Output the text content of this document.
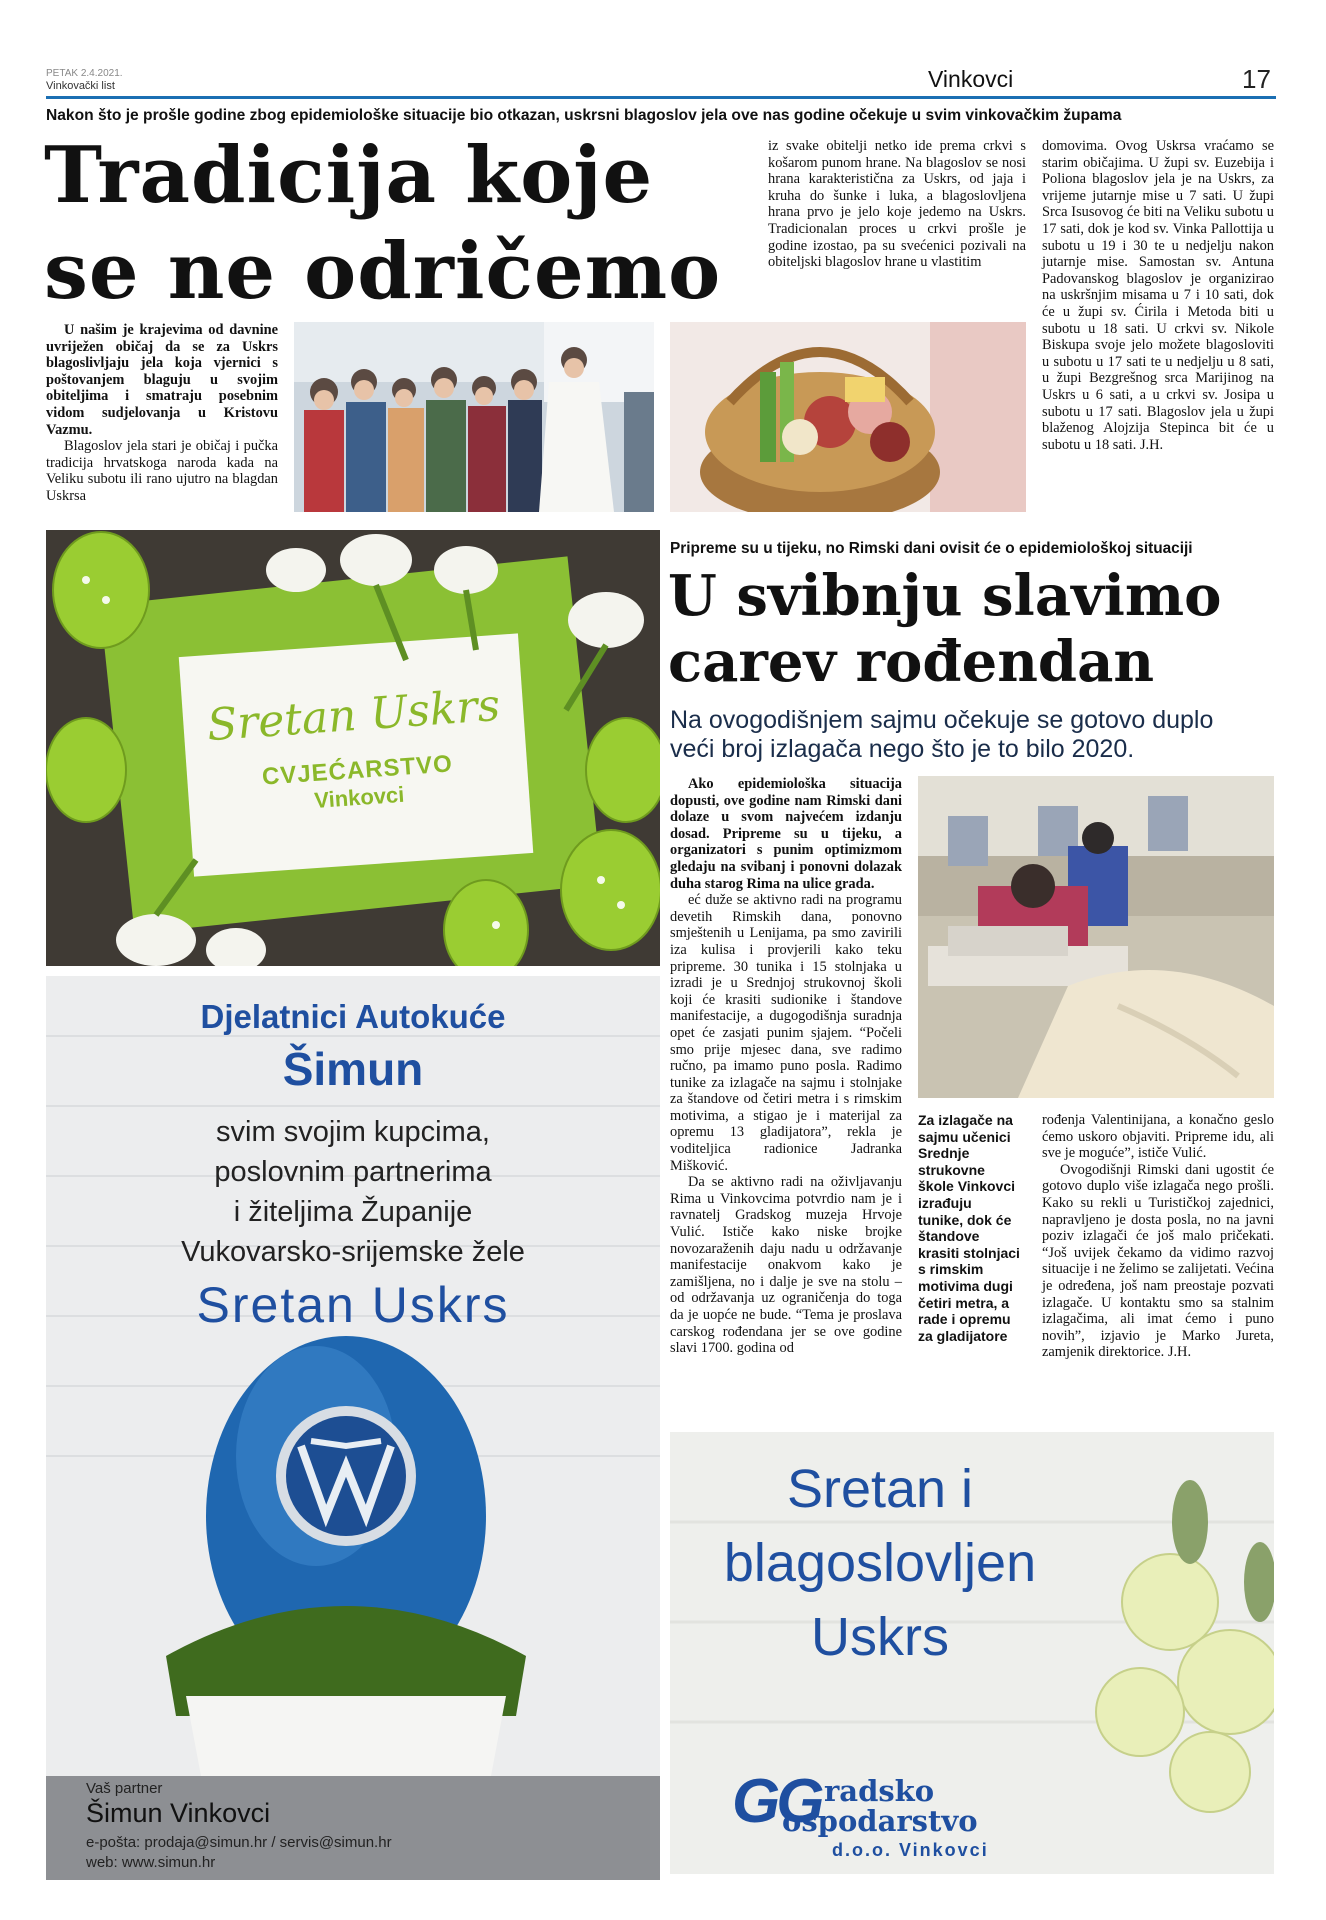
PETAK 2.4.2021.
Vinkovački list	Vinkovci	17
Nakon što je prošle godine zbog epidemiološke situacije bio otkazan, uskrsni blagoslov jela ove nas godine očekuje u svim vinkovačkim župama
Tradicija koje
se ne odričemo

U našim je krajevima od davnine uvriježen običaj da se za Uskrs blagoslivljaju jela koja vjernici s poštovanjem blaguju u svojim obiteljima i smatraju posebnim vidom sudjelovanja u Kristovu Vazmu.

Blagoslov jela stari je običaj i pučka tradicija hrvatskoga naroda kada na Veliku subotu ili rano ujutro na blagdan Uskrsa

iz svake obitelji netko ide prema crkvi s košarom punom hrane. Na blagoslov se nosi hrana karakteristična za Uskrs, od jaja i kruha do šunke i luka, a blagoslovljena hrana prvo je jelo koje jedemo na Uskrs. Tradicionalan proces u crkvi prošle je godine izostao, pa su svećenici pozivali na obiteljski blagoslov hrane u vlastitim

domovima. Ovog Uskrsa vraćamo se starim običajima. U župi sv. Euzebija i Poliona blagoslov jela je na Uskrs, za vrijeme jutarnje mise u 7 sati. U župi Srca Isusovog će biti na Veliku subotu u 17 sati, dok je kod sv. Vinka Pallottija u subotu u 19 i 30 te u nedjelju nakon jutarnje mise. Samostan sv. Antuna Padovanskog blagoslov je organizirao na uskršnjim misama u 7 i 10 sati, dok će u župi sv. Ćirila i Metoda biti u subotu u 18 sati. U crkvi sv. Nikole Biskupa svoje jelo možete blagosloviti u subotu u 17 sati te u nedjelju u 8 sati, u župi Bezgrešnog srca Marijinog na Uskrs u 6 sati, a u crkvi sv. Josipa u subotu u 17 sati. Blagoslov jela u župi blaženog Alojzija Stepinca bit će u subotu u 18 sati. J.H.

Sretan Uskrs
CVJEĆARSTVO
Vinkovci
Djelatnici Autokuće
Šimun
svim svojim kupcima,
poslovnim partnerima
i žiteljima Županije
Vukovarsko-srijemske žele
Sretan Uskrs
Vaš partner
Šimun Vinkovci
e-pošta: prodaja@simun.hr / servis@simun.hr
web: www.simun.hr
Pripreme su u tijeku, no Rimski dani ovisit će o epidemiološkoj situaciji
U svibnju slavimo
carev rođendan
Na ovogodišnjem sajmu očekuje se gotovo duplo veći broj izlagača nego što je to bilo 2020.

Ako epidemiološka situacija dopusti, ove godine nam Rimski dani dolaze u svom najvećem izdanju dosad. Pripreme su u tijeku, a organizatori s punim optimizmom gledaju na svibanj i ponovni dolazak duha starog Rima na ulice grada.

eć duže se aktivno radi na programu devetih Rimskih dana, ponovno smještenih u Lenijama, pa smo zavirili iza kulisa i provjerili kako teku pripreme. 30 tunika i 15 stolnjaka u izradi je u Srednjoj strukovnoj školi koji će krasiti sudionike i štandove manifestacije, a dugogodišnja suradnja opet će zasjati punim sjajem. “Počeli smo prije mjesec dana, sve radimo ručno, pa imamo puno posla. Radimo tunike za izlagače na sajmu i stolnjake za štandove od četiri metra i s rimskim motivima, a stigao je i materijal za opremu 13 gladijatora”, rekla je voditeljica radionice Jadranka Mišković.

Da se aktivno radi na oživljavanju Rima u Vinkovcima potvrdio nam je i ravnatelj Gradskog muzeja Hrvoje Vulić. Ističe kako niske brojke novozaraženih daju nadu u održavanje manifestacije onakvom kako je zamišljena, no i dalje je sve na stolu – od održavanja uz ograničenja do toga da je uopće ne bude. “Tema je proslava carskog rođendana jer se ove godine slavi 1700. godina od

Za izlagače na sajmu učenici Srednje strukovne škole Vinkovci izrađuju tunike, dok će štandove krasiti stolnjaci s rimskim motivima dugi četiri metra, a rade i opremu za gladijatore

rođenja Valentinijana, a konačno geslo ćemo uskoro objaviti. Pripreme idu, ali sve je moguće”, ističe Vulić.

Ovogodišnji Rimski dani ugostit će gotovo duplo više izlagača nego prošli. Kako su rekli u Turističkoj zajednici, napravljeno je dosta posla, no na javni poziv izlagači će još malo pričekati. “Još uvijek čekamo da vidimo razvoj situacije i ne želimo se zalijetati. Većina je određena, još nam preostaje pozvati izlagače. U kontaktu smo sa stalnim izlagačima, ali imat ćemo i puno novih”, izjavio je Marko Jureta, zamjenik direktorice. J.H.

Sretan i
blagoslovljen
Uskrs
GG radsko
ospodarstvo
d.o.o. Vinkovci
